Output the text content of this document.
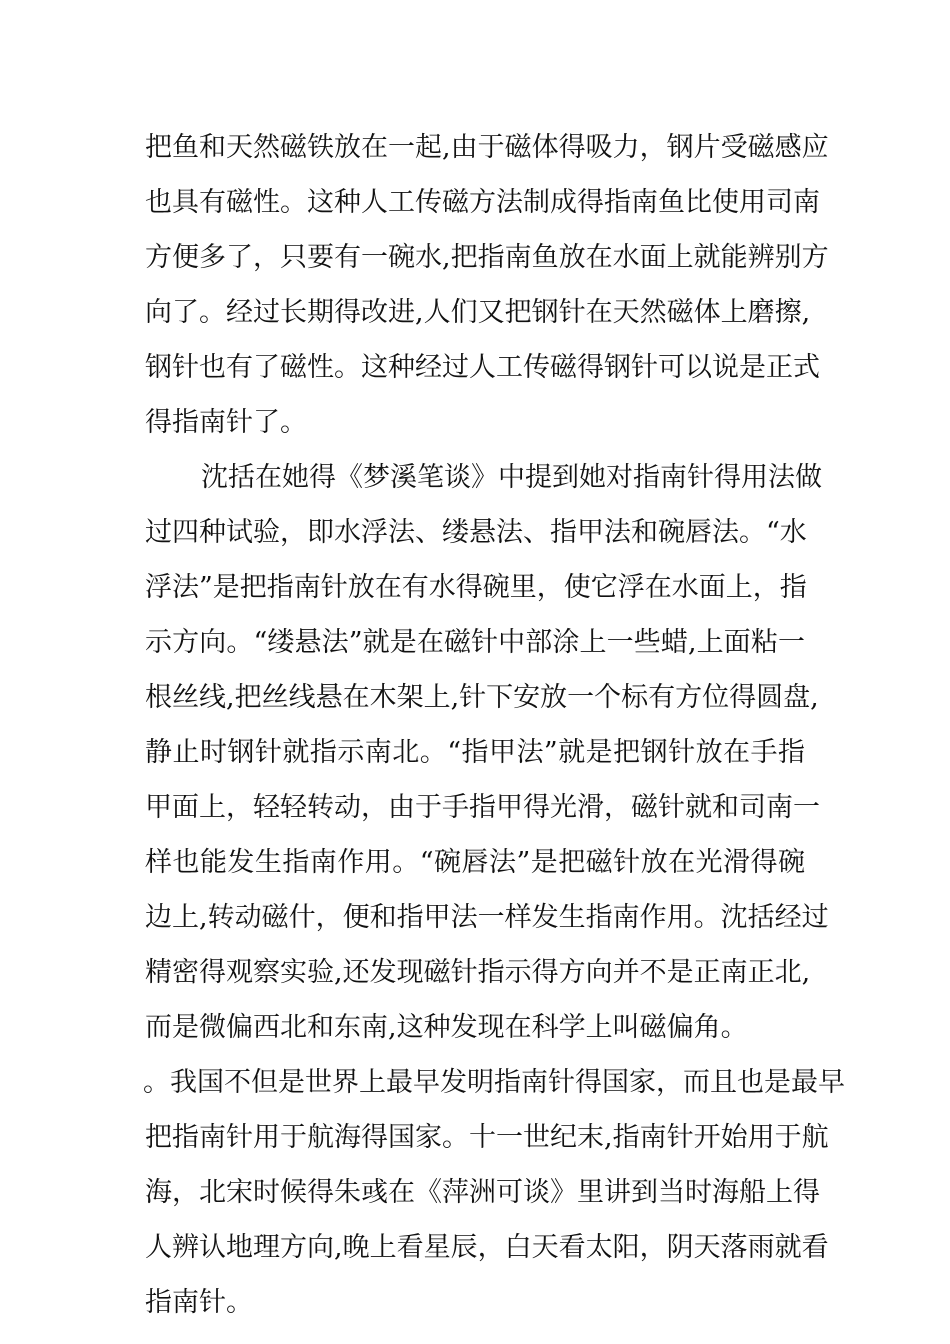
把鱼和天然磁铁放在一起,由于磁体得吸力，钢片受磁感应
也具有磁性。这种人工传磁方法制成得指南鱼比使用司南
方便多了，只要有一碗水,把指南鱼放在水面上就能辨别方
向了。经过长期得改进,人们又把钢针在天然磁体上磨擦,
钢针也有了磁性。这种经过人工传磁得钢针可以说是正式
得指南针了。
沈括在她得《梦溪笔谈》中提到她对指南针得用法做
过四种试验，即水浮法、缕悬法、指甲法和碗唇法。“水
浮法”是把指南针放在有水得碗里，使它浮在水面上，指
示方向。“缕悬法”就是在磁针中部涂上一些蜡,上面粘一
根丝线,把丝线悬在木架上,针下安放一个标有方位得圆盘,
静止时钢针就指示南北。“指甲法”就是把钢针放在手指
甲面上，轻轻转动，由于手指甲得光滑，磁针就和司南一
样也能发生指南作用。“碗唇法”是把磁针放在光滑得碗
边上,转动磁什，便和指甲法一样发生指南作用。沈括经过
精密得观察实验,还发现磁针指示得方向并不是正南正北,
而是微偏西北和东南,这种发现在科学上叫磁偏角。
。我国不但是世界上最早发明指南针得国家，而且也是最早
把指南针用于航海得国家。十一世纪末,指南针开始用于航
海，北宋时候得朱彧在《萍洲可谈》里讲到当时海船上得
人辨认地理方向,晚上看星辰，白天看太阳，阴天落雨就看
指南针。
